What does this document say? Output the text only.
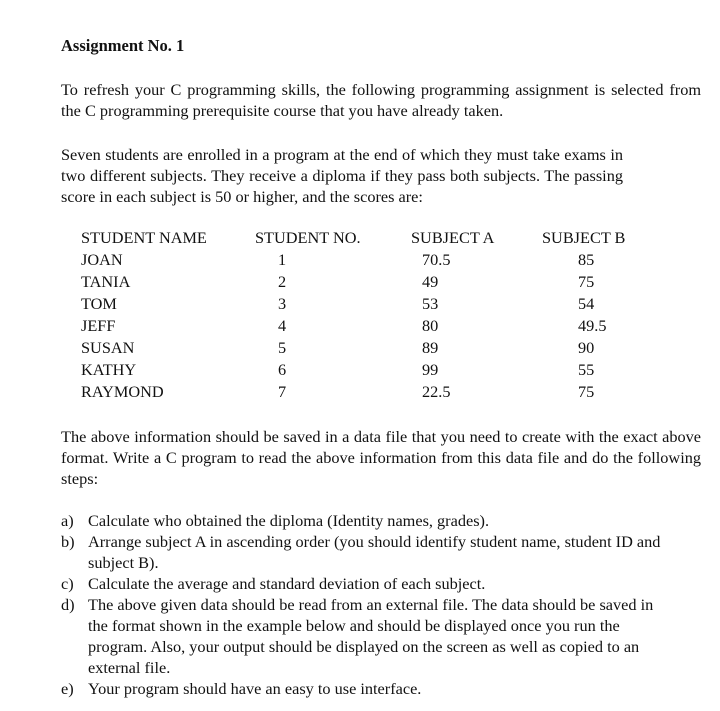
Assignment No. 1

To refresh your C programming skills, the following programming assignment is selected from the C programming prerequisite course that you have already taken.

Seven students are enrolled in a program at the end of which they must take exams in two different subjects. They receive a diploma if they pass both subjects. The passing score in each subject is 50 or higher, and the scores are:

STUDENT NAME	STUDENT NO.	SUBJECT A	SUBJECT B
JOAN	1	70.5	85
TANIA	2	49	75
TOM	3	53	54
JEFF	4	80	49.5
SUSAN	5	89	90
KATHY	6	99	55
RAYMOND	7	22.5	75

The above information should be saved in a data file that you need to create with the exact above format. Write a C program to read the above information from this data file and do the following steps:

a) Calculate who obtained the diploma (Identity names, grades).
b) Arrange subject A in ascending order (you should identify student name, student ID and subject B).
c) Calculate the average and standard deviation of each subject.
d) The above given data should be read from an external file. The data should be saved in the format shown in the example below and should be displayed once you run the program. Also, your output should be displayed on the screen as well as copied to an external file.
e) Your program should have an easy to use interface.
